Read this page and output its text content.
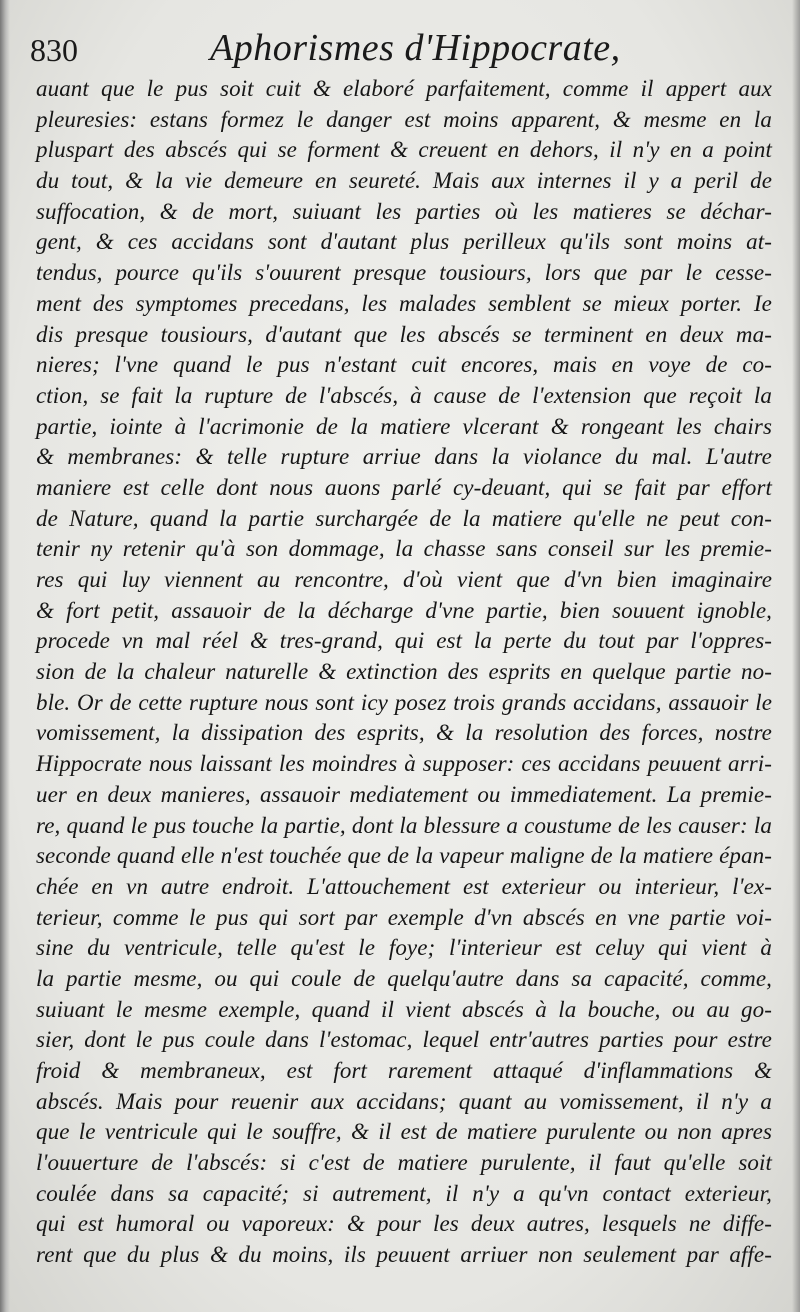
830	Aphorismes d'Hippocrate,
auant que le pus soit cuit & elaboré parfaitement, comme il appert aux
pleuresies: estans formez le danger est moins apparent, & mesme en la
pluspart des abscés qui se forment & creuent en dehors, il n'y en a point
du tout, & la vie demeure en seureté. Mais aux internes il y a peril de
suffocation, & de mort, suiuant les parties où les matieres se déchar-
gent, & ces accidans sont d'autant plus perilleux qu'ils sont moins at-
tendus, pource qu'ils s'ouurent presque tousiours, lors que par le cesse-
ment des symptomes precedans, les malades semblent se mieux porter. Ie
dis presque tousiours, d'autant que les abscés se terminent en deux ma-
nieres; l'vne quand le pus n'estant cuit encores, mais en voye de co-
ction, se fait la rupture de l'abscés, à cause de l'extension que reçoit la
partie, iointe à l'acrimonie de la matiere vlcerant & rongeant les chairs
& membranes: & telle rupture arriue dans la violance du mal. L'autre
maniere est celle dont nous auons parlé cy-deuant, qui se fait par effort
de Nature, quand la partie surchargée de la matiere qu'elle ne peut con-
tenir ny retenir qu'à son dommage, la chasse sans conseil sur les premie-
res qui luy viennent au rencontre, d'où vient que d'vn bien imaginaire
& fort petit, assauoir de la décharge d'vne partie, bien souuent ignoble,
procede vn mal réel & tres-grand, qui est la perte du tout par l'oppres-
sion de la chaleur naturelle & extinction des esprits en quelque partie no-
ble. Or de cette rupture nous sont icy posez trois grands accidans, assauoir le
vomissement, la dissipation des esprits, & la resolution des forces, nostre
Hippocrate nous laissant les moindres à supposer: ces accidans peuuent arri-
uer en deux manieres, assauoir mediatement ou immediatement. La premie-
re, quand le pus touche la partie, dont la blessure a coustume de les causer: la
seconde quand elle n'est touchée que de la vapeur maligne de la matiere épan-
chée en vn autre endroit. L'attouchement est exterieur ou interieur, l'ex-
terieur, comme le pus qui sort par exemple d'vn abscés en vne partie voi-
sine du ventricule, telle qu'est le foye; l'interieur est celuy qui vient à
la partie mesme, ou qui coule de quelqu'autre dans sa capacité, comme,
suiuant le mesme exemple, quand il vient abscés à la bouche, ou au go-
sier, dont le pus coule dans l'estomac, lequel entr'autres parties pour estre
froid & membraneux, est fort rarement attaqué d'inflammations &
abscés. Mais pour reuenir aux accidans; quant au vomissement, il n'y a
que le ventricule qui le souffre, & il est de matiere purulente ou non apres
l'ouuerture de l'abscés: si c'est de matiere purulente, il faut qu'elle soit
coulée dans sa capacité; si autrement, il n'y a qu'vn contact exterieur,
qui est humoral ou vaporeux: & pour les deux autres, lesquels ne diffe-
rent que du plus & du moins, ils peuuent arriuer non seulement par affe-
